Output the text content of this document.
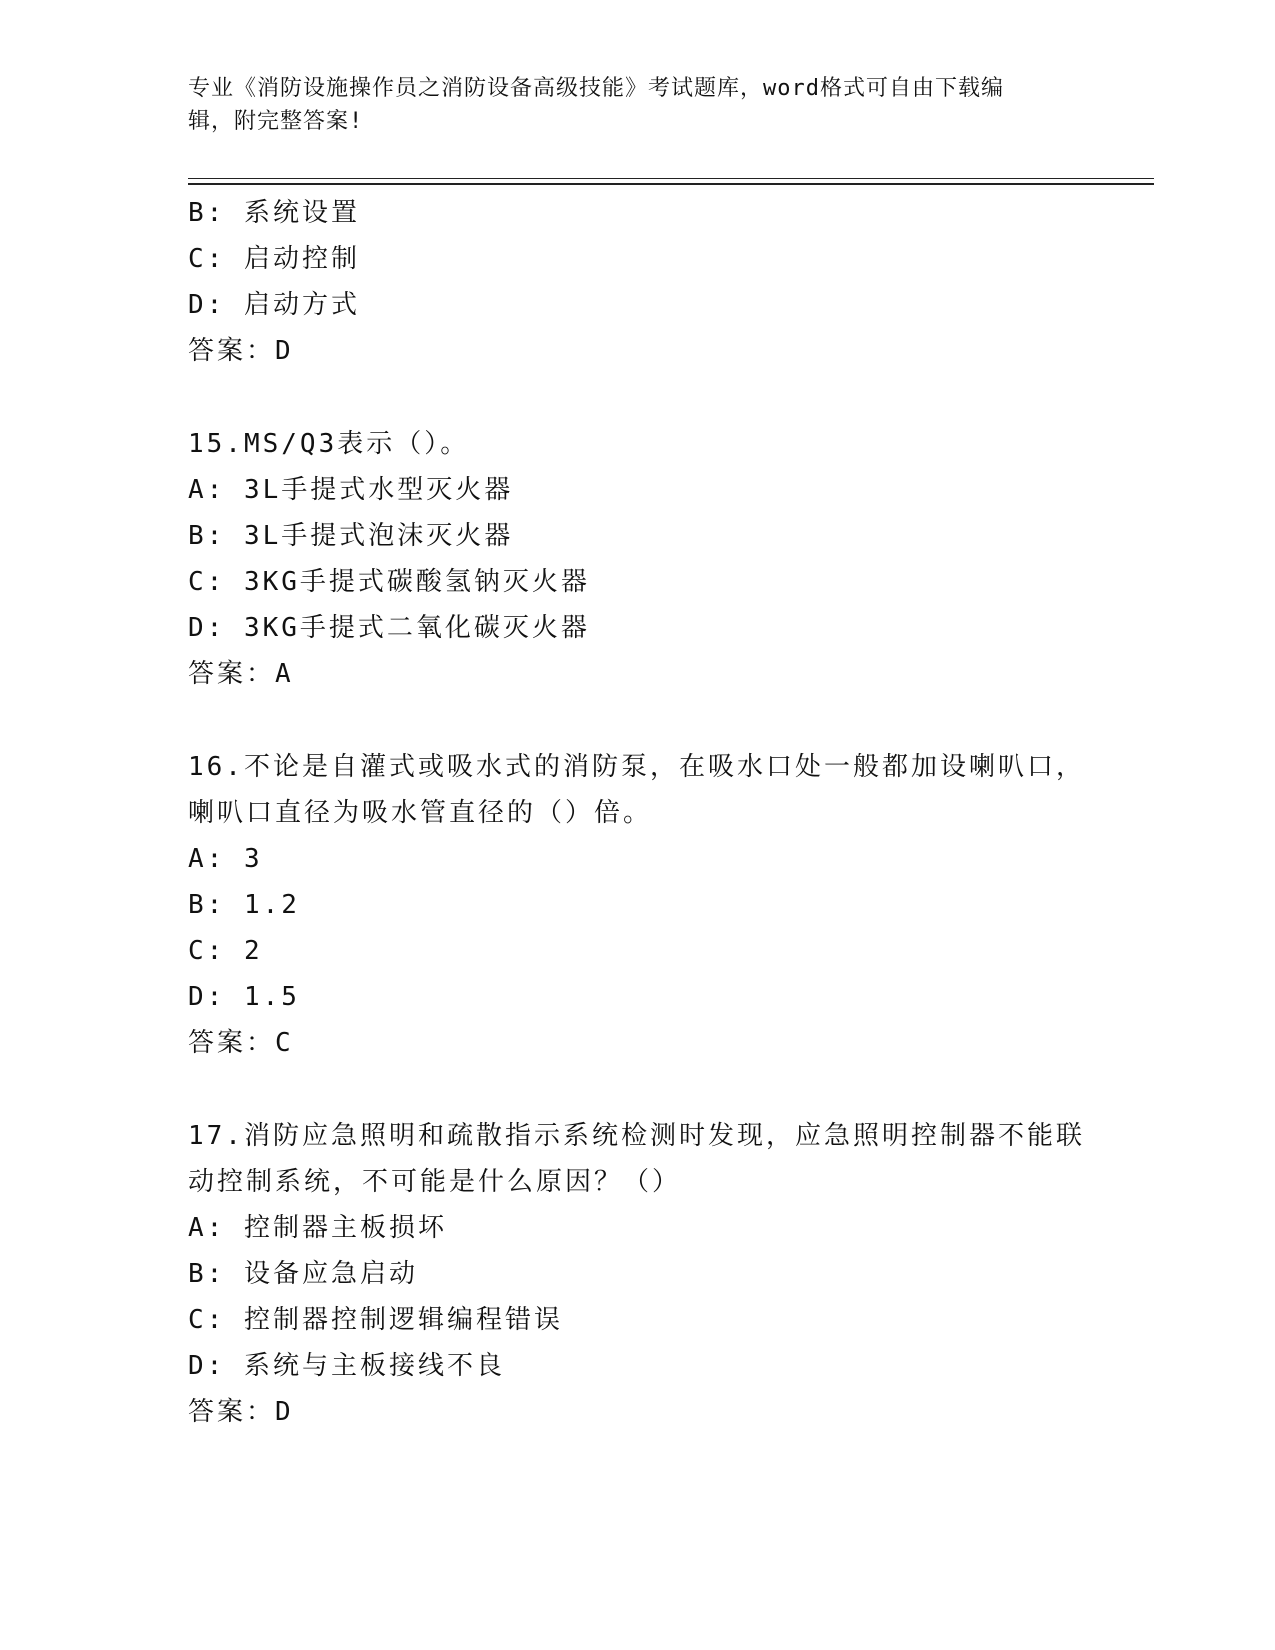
专业《消防设施操作员之消防设备高级技能》考试题库，word格式可自由下载编
辑，附完整答案!
B: 系统设置
C: 启动控制
D: 启动方式
答案：D
15.MS/Q3表示（）。
A: 3L手提式水型灭火器
B: 3L手提式泡沫灭火器
C: 3KG手提式碳酸氢钠灭火器
D: 3KG手提式二氧化碳灭火器
答案：A
16.不论是自灌式或吸水式的消防泵，在吸水口处一般都加设喇叭口，
喇叭口直径为吸水管直径的（）倍。
A: 3
B: 1.2
C: 2
D: 1.5
答案：C
17.消防应急照明和疏散指示系统检测时发现，应急照明控制器不能联
动控制系统，不可能是什么原因？（）
A: 控制器主板损坏
B: 设备应急启动
C: 控制器控制逻辑编程错误
D: 系统与主板接线不良
答案：D
